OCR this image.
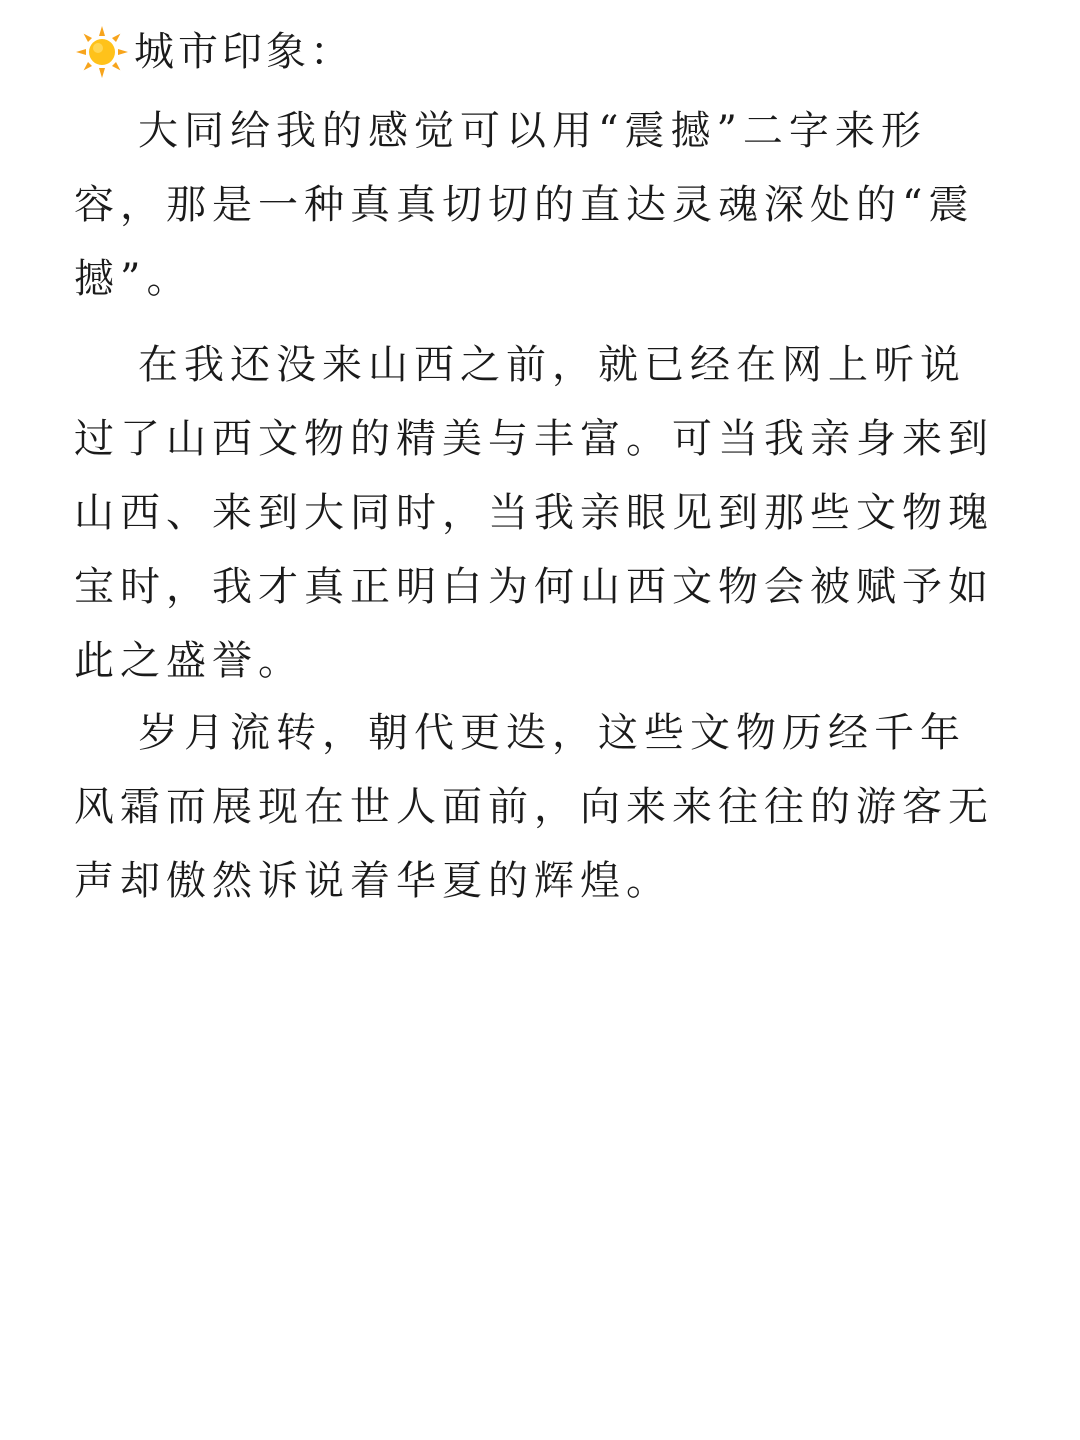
城市印象：

大同给我的感觉可以用“震撼”二字来形容，那是一种真真切切的直达灵魂深处的“震撼”。

在我还没来山西之前，就已经在网上听说过了山西文物的精美与丰富。可当我亲身来到山西、来到大同时，当我亲眼见到那些文物瑰宝时，我才真正明白为何山西文物会被赋予如此之盛誉。

岁月流转，朝代更迭，这些文物历经千年风霜而展现在世人面前，向来来往往的游客无声却傲然诉说着华夏的辉煌。
